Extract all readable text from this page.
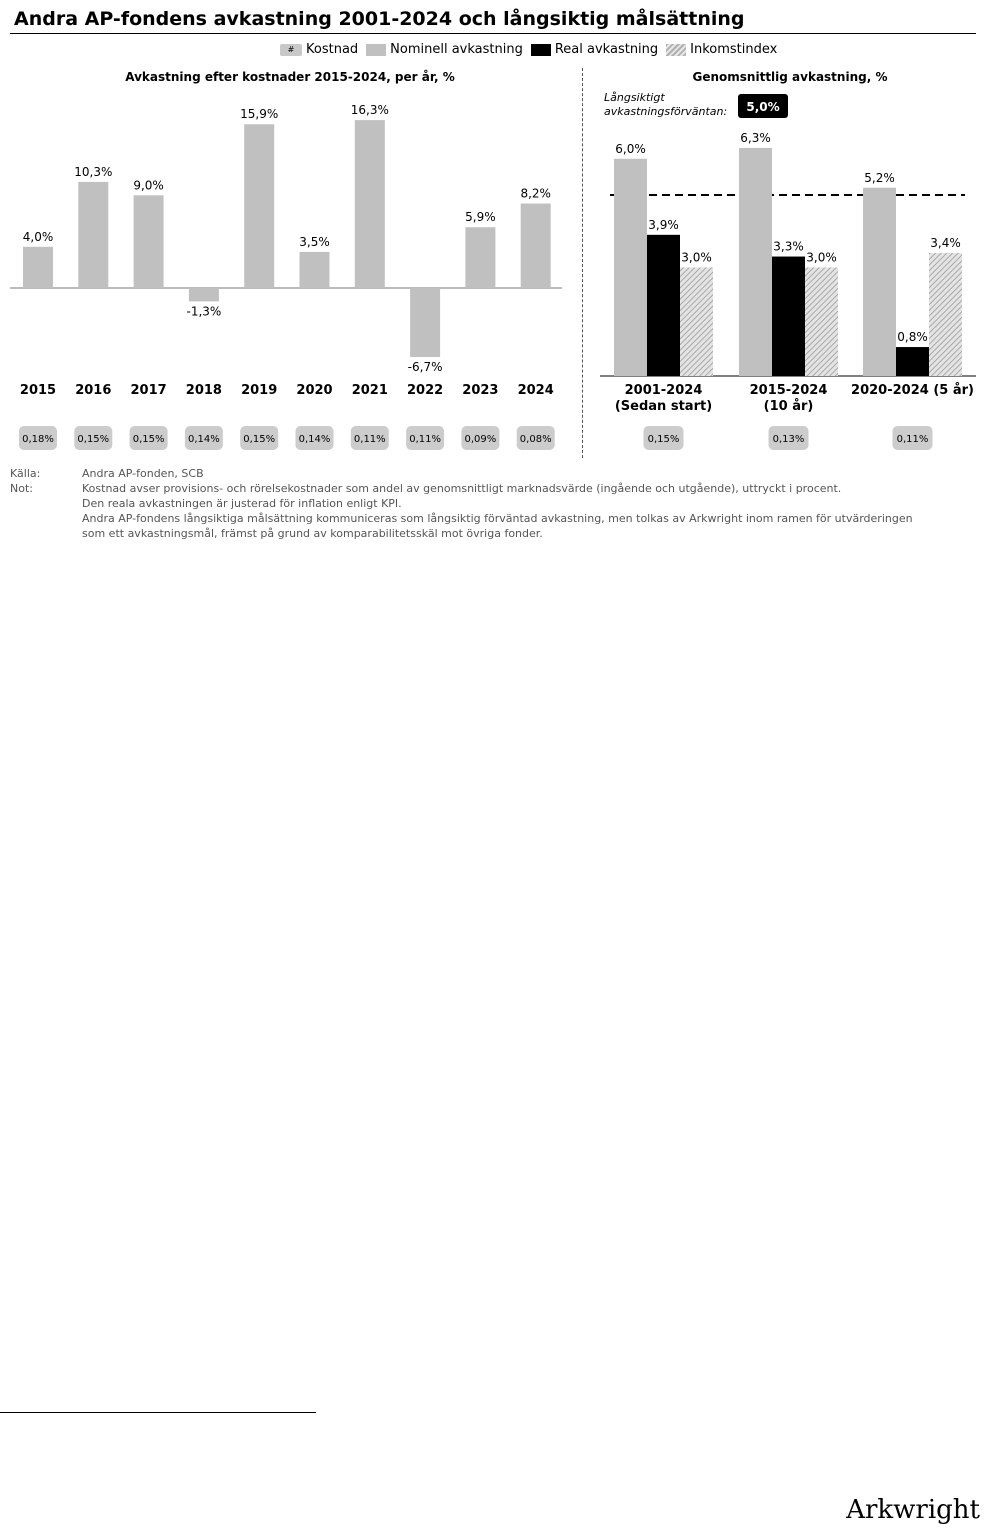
Andra AP-fondens avkastning 2001-2024 och långsiktig målsättning
# Kostnad Nominell avkastning Real avkastning Inkomstindex
Avkastning efter kostnader 2015-2024, per år, %	Genomsnittlig avkastning, %
4,0%
2015
0,18%
10,3%
2016
0,15%
9,0%
2017
0,15%
-1,3%
2018
0,14%
15,9%
2019
0,15%
3,5%
2020
0,14%
16,3%
2021
0,11%
-6,7%
2022
0,11%
5,9%
2023
0,09%
8,2%
2024
0,08%
Långsiktigt
avkastningsförväntan: 5,0%
6,0%
3,9%
3,0%
2001-2024
(Sedan start)
0,15%
6,3%
3,3%
3,0%
2015-2024
(10 år)
0,13%
5,2%
0,8%
3,4%
2020-2024 (5 år)
0,11%
Källa:	Andra AP-fonden, SCB
Not:	Kostnad avser provisions- och rörelsekostnader som andel av genomsnittligt marknadsvärde (ingående och utgående), uttryckt i procent.
Den reala avkastningen är justerad för inflation enligt KPI.
Andra AP-fondens långsiktiga målsättning kommuniceras som långsiktig förväntad avkastning, men tolkas av Arkwright inom ramen för utvärderingen
som ett avkastningsmål, främst på grund av komparabilitetsskäl mot övriga fonder.
Arkwright
